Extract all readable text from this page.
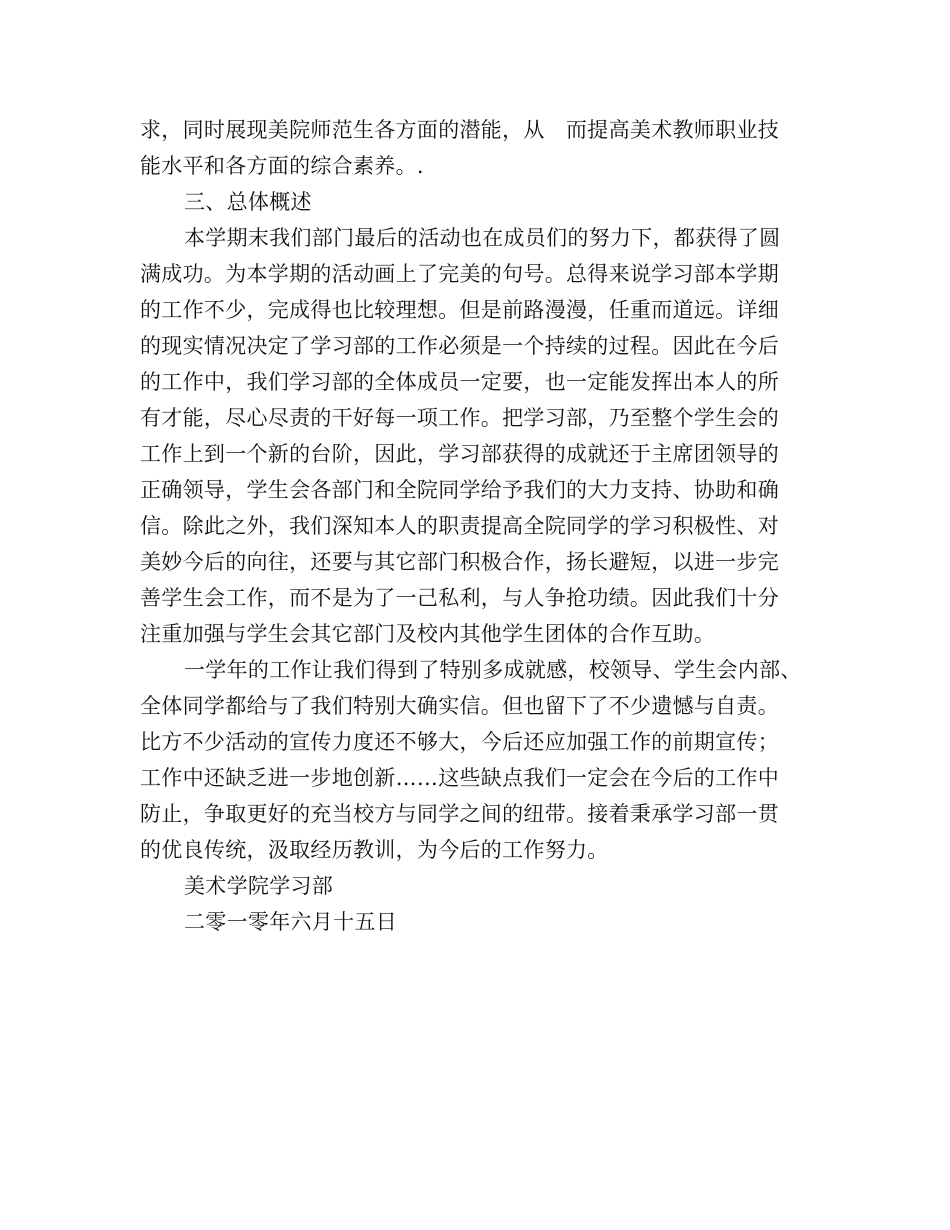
求，同时展现美院师范生各方面的潜能，从　而提高美术教师职业技
能水平和各方面的综合素养。.
三、总体概述
本学期末我们部门最后的活动也在成员们的努力下，都获得了圆
满成功。为本学期的活动画上了完美的句号。总得来说学习部本学期
的工作不少，完成得也比较理想。但是前路漫漫，任重而道远。详细
的现实情况决定了学习部的工作必须是一个持续的过程。因此在今后
的工作中，我们学习部的全体成员一定要，也一定能发挥出本人的所
有才能，尽心尽责的干好每一项工作。把学习部，乃至整个学生会的
工作上到一个新的台阶，因此，学习部获得的成就还于主席团领导的
正确领导，学生会各部门和全院同学给予我们的大力支持、协助和确
信。除此之外，我们深知本人的职责提高全院同学的学习积极性、对
美妙今后的向往，还要与其它部门积极合作，扬长避短，以进一步完
善学生会工作，而不是为了一己私利，与人争抢功绩。因此我们十分
注重加强与学生会其它部门及校内其他学生团体的合作互助。
一学年的工作让我们得到了特别多成就感，校领导、学生会内部、
全体同学都给与了我们特别大确实信。但也留下了不少遗憾与自责。
比方不少活动的宣传力度还不够大，今后还应加强工作的前期宣传；
工作中还缺乏进一步地创新……这些缺点我们一定会在今后的工作中
防止，争取更好的充当校方与同学之间的纽带。接着秉承学习部一贯
的优良传统，汲取经历教训，为今后的工作努力。
美术学院学习部
二零一零年六月十五日
